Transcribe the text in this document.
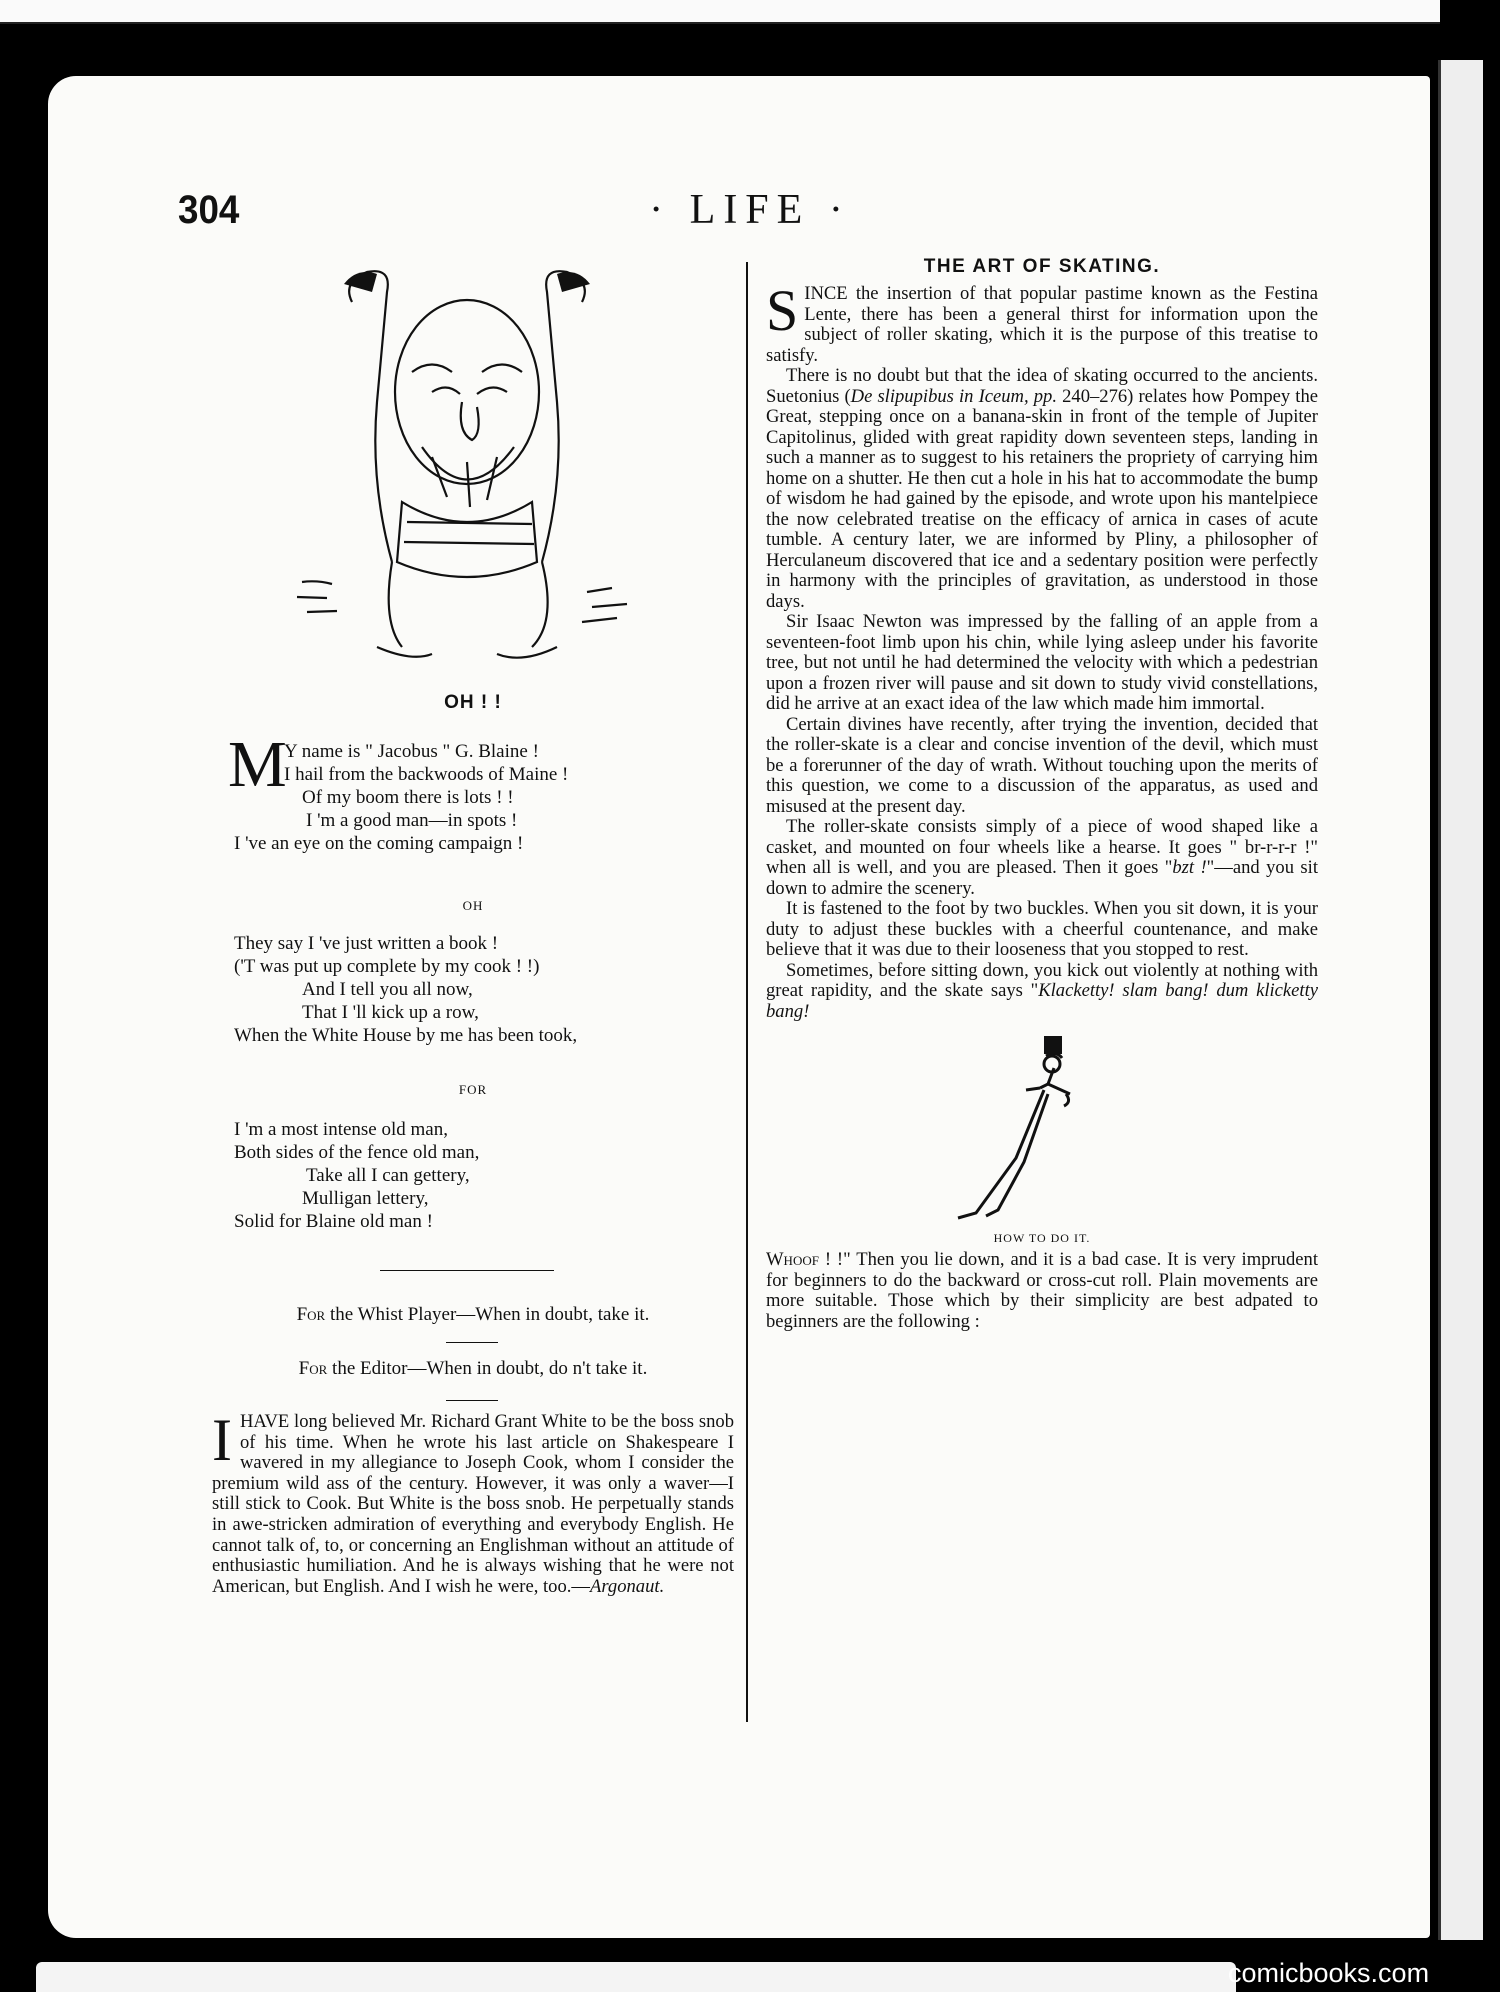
304	· LIFE ·
OH ! !
M
Y name is " Jacobus " G. Blaine !
I hail from the backwoods of Maine !
Of my boom there is lots ! !
I 'm a good man—in spots !
I 've an eye on the coming campaign !
OH
They say I 've just written a book !
('T was put up complete by my cook ! !)
And I tell you all now,
That I 'll kick up a row,
When the White House by me has been took,
FOR
I 'm a most intense old man,
Both sides of the fence old man,
Take all I can gettery,
Mulligan lettery,
Solid for Blaine old man !
For the Whist Player—When in doubt, take it.
For the Editor—When in doubt, do n't take it.
I HAVE long believed Mr. Richard Grant White to be the boss snob of his time. When he wrote his last article on Shakespeare I wavered in my allegiance to Joseph Cook, whom I consider the premium wild ass of the century. However, it was only a waver—I still stick to Cook. But White is the boss snob. He perpetually stands in awe-stricken admiration of everything and everybody English. He cannot talk of, to, or concerning an Englishman without an attitude of enthusiastic humiliation. And he is always wishing that he were not American, but English. And I wish he were, too.—Argonaut.
THE ART OF SKATING.

SINCE the insertion of that popular pastime known as the Festina Lente, there has been a general thirst for information upon the subject of roller skating, which it is the purpose of this treatise to satisfy.

There is no doubt but that the idea of skating occurred to the ancients. Suetonius (De slipupibus in Iceum, pp. 240–276) relates how Pompey the Great, stepping once on a banana-skin in front of the temple of Jupiter Capitolinus, glided with great rapidity down seventeen steps, landing in such a manner as to suggest to his retainers the propriety of carrying him home on a shutter. He then cut a hole in his hat to accommodate the bump of wisdom he had gained by the episode, and wrote upon his mantelpiece the now celebrated treatise on the efficacy of arnica in cases of acute tumble. A century later, we are informed by Pliny, a philosopher of Herculaneum discovered that ice and a sedentary position were perfectly in harmony with the principles of gravitation, as understood in those days.

Sir Isaac Newton was impressed by the falling of an apple from a seventeen-foot limb upon his chin, while lying asleep under his favorite tree, but not until he had determined the velocity with which a pedestrian upon a frozen river will pause and sit down to study vivid constellations, did he arrive at an exact idea of the law which made him immortal.

Certain divines have recently, after trying the invention, decided that the roller-skate is a clear and concise invention of the devil, which must be a forerunner of the day of wrath. Without touching upon the merits of this question, we come to a discussion of the apparatus, as used and misused at the present day.

The roller-skate consists simply of a piece of wood shaped like a casket, and mounted on four wheels like a hearse. It goes " br-r-r-r !" when all is well, and you are pleased. Then it goes "bzt !"—and you sit down to admire the scenery.

It is fastened to the foot by two buckles. When you sit down, it is your duty to adjust these buckles with a cheerful countenance, and make believe that it was due to their looseness that you stopped to rest.

Sometimes, before sitting down, you kick out violently at nothing with great rapidity, and the skate says "Klacketty! slam bang! dum klicketty bang!

HOW TO DO IT.

Whoof ! !" Then you lie down, and it is a bad case. It is very imprudent for beginners to do the backward or cross-cut roll. Plain movements are more suitable. Those which by their simplicity are best adpated to beginners are the following :

comicbooks.com
